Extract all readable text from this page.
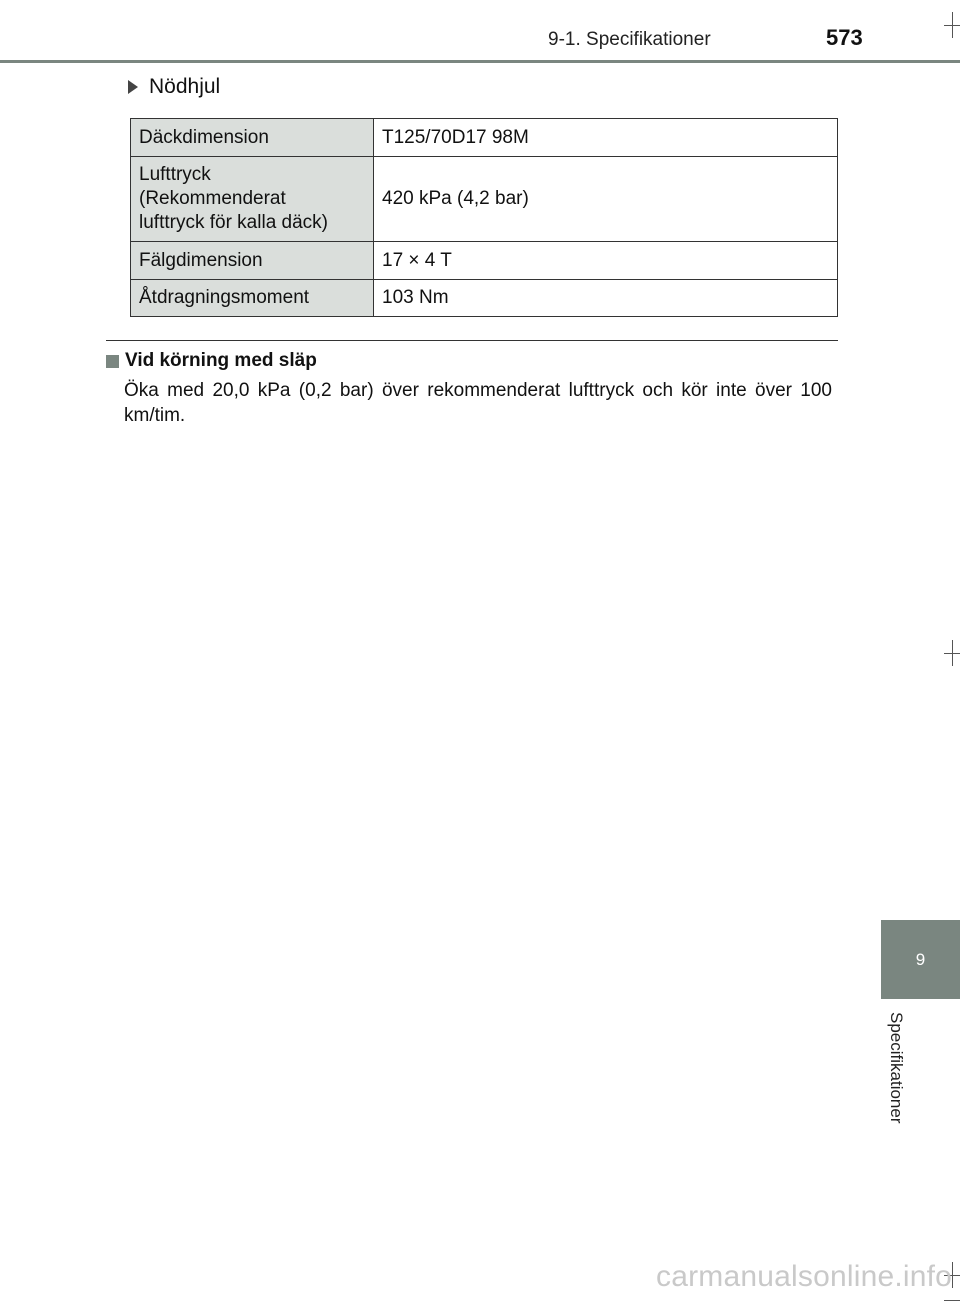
9-1. Specifikationer	573
Nödhjul
Däckdimension	T125/70D17 98M
Lufttryck
(Rekommenderat
lufttryck för kalla däck)	420 kPa (4,2 bar)
Fälgdimension	17 × 4 T
Åtdragningsmoment	103 Nm
Vid körning med släp
Öka med 20,0 kPa (0,2 bar) över rekommenderat lufttryck och kör inte över 100 km/tim.
9
Specifikationer
carmanualsonline.info
